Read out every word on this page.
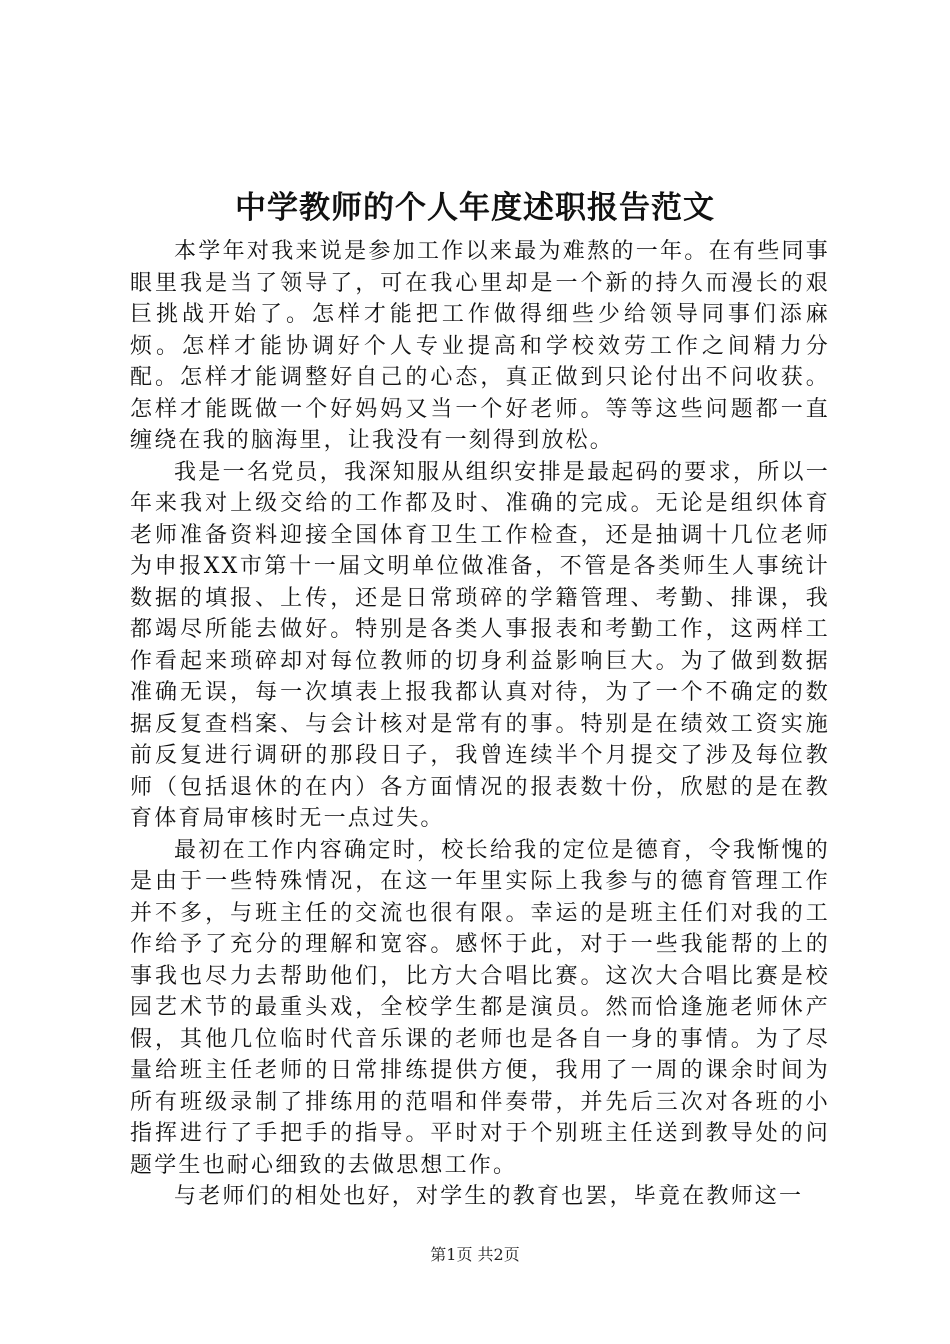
中学教师的个人年度述职报告范文

本学年对我来说是参加工作以来最为难熬的一年。在有些同事眼里我是当了领导了，可在我心里却是一个新的持久而漫长的艰巨挑战开始了。怎样才能把工作做得细些少给领导同事们添麻烦。怎样才能协调好个人专业提高和学校效劳工作之间精力分配。怎样才能调整好自己的心态，真正做到只论付出不问收获。怎样才能既做一个好妈妈又当一个好老师。等等这些问题都一直缠绕在我的脑海里，让我没有一刻得到放松。

我是一名党员，我深知服从组织安排是最起码的要求，所以一年来我对上级交给的工作都及时、准确的完成。无论是组织体育老师准备资料迎接全国体育卫生工作检查，还是抽调十几位老师为申报XX市第十一届文明单位做准备，不管是各类师生人事统计数据的填报、上传，还是日常琐碎的学籍管理、考勤、排课，我都竭尽所能去做好。特别是各类人事报表和考勤工作，这两样工作看起来琐碎却对每位教师的切身利益影响巨大。为了做到数据准确无误，每一次填表上报我都认真对待，为了一个不确定的数据反复查档案、与会计核对是常有的事。特别是在绩效工资实施前反复进行调研的那段日子，我曾连续半个月提交了涉及每位教师（包括退休的在内）各方面情况的报表数十份，欣慰的是在教育体育局审核时无一点过失。

最初在工作内容确定时，校长给我的定位是德育，令我惭愧的是由于一些特殊情况，在这一年里实际上我参与的德育管理工作并不多，与班主任的交流也很有限。幸运的是班主任们对我的工作给予了充分的理解和宽容。感怀于此，对于一些我能帮的上的事我也尽力去帮助他们，比方大合唱比赛。这次大合唱比赛是校园艺术节的最重头戏，全校学生都是演员。然而恰逢施老师休产假，其他几位临时代音乐课的老师也是各自一身的事情。为了尽量给班主任老师的日常排练提供方便，我用了一周的课余时间为所有班级录制了排练用的范唱和伴奏带，并先后三次对各班的小指挥进行了手把手的指导。平时对于个别班主任送到教导处的问题学生也耐心细致的去做思想工作。

与老师们的相处也好，对学生的教育也罢，毕竟在教师这一

第1页 共2页
